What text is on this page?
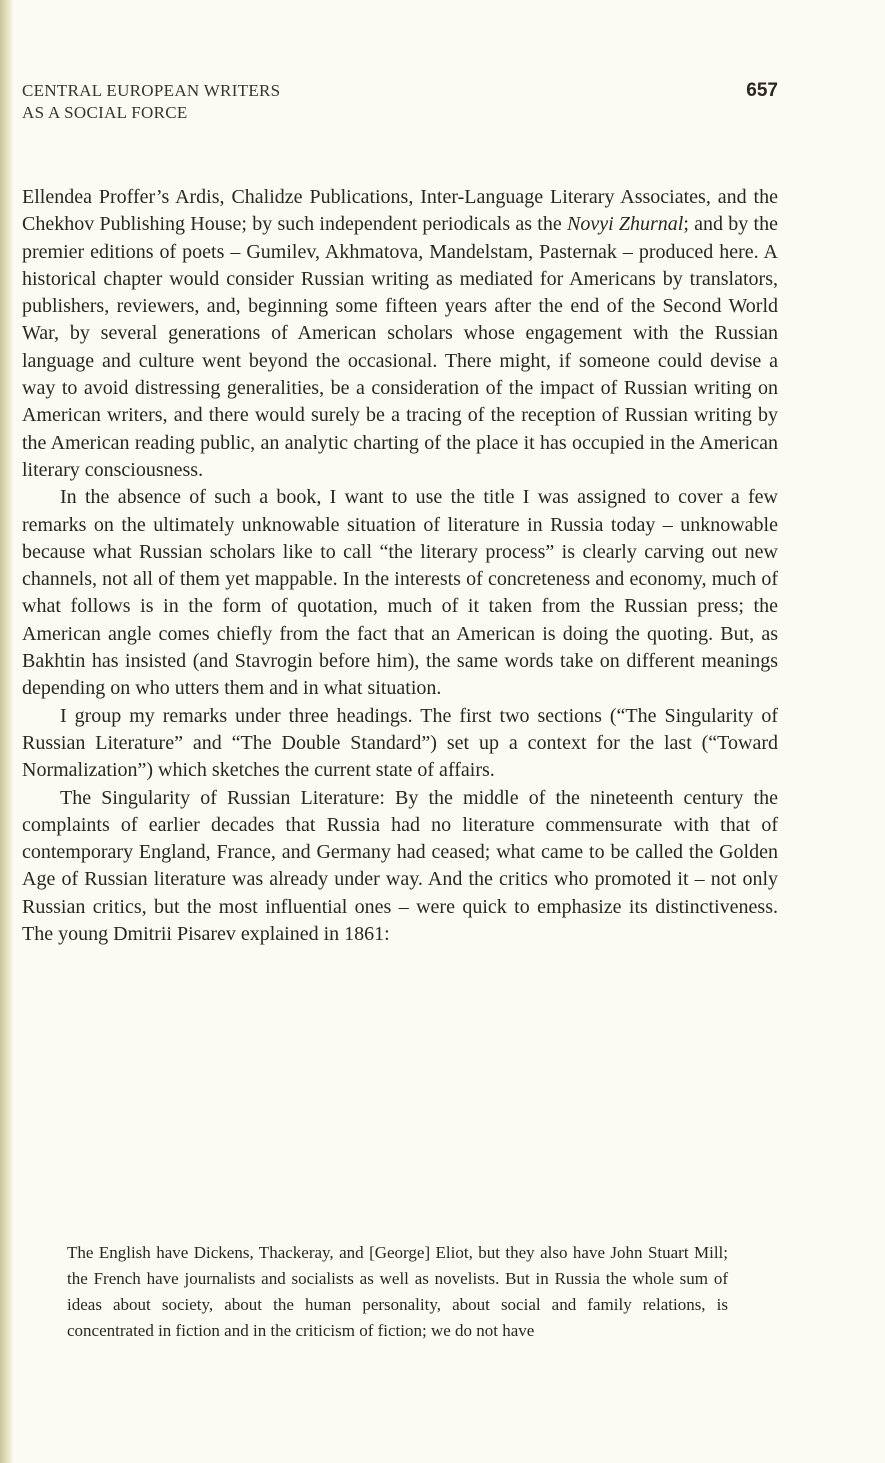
CENTRAL EUROPEAN WRITERS
AS A SOCIAL FORCE
657

Ellendea Proffer’s Ardis, Chalidze Publications, Inter-Language Literary Associates, and the Chekhov Publishing House; by such independent periodicals as the Novyi Zhurnal; and by the premier editions of poets – Gumilev, Akhmatova, Mandelstam, Pasternak – produced here. A historical chapter would consider Russian writing as mediated for Americans by translators, publishers, reviewers, and, beginning some fifteen years after the end of the Second World War, by several generations of American scholars whose engagement with the Russian language and culture went beyond the occasional. There might, if someone could devise a way to avoid distressing generalities, be a consideration of the impact of Russian writing on American writers, and there would surely be a tracing of the reception of Russian writing by the American reading public, an analytic charting of the place it has occupied in the American literary consciousness.

In the absence of such a book, I want to use the title I was assigned to cover a few remarks on the ultimately unknowable situation of literature in Russia today – unknowable because what Russian scholars like to call “the literary process” is clearly carving out new channels, not all of them yet mappable. In the interests of concreteness and economy, much of what follows is in the form of quotation, much of it taken from the Russian press; the American angle comes chiefly from the fact that an American is doing the quoting. But, as Bakhtin has insisted (and Stavrogin before him), the same words take on different meanings depending on who utters them and in what situation.

I group my remarks under three headings. The first two sections (“The Singularity of Russian Literature” and “The Double Standard”) set up a context for the last (“Toward Normalization”) which sketches the current state of affairs.

The Singularity of Russian Literature: By the middle of the nineteenth century the complaints of earlier decades that Russia had no literature commensurate with that of contemporary England, France, and Germany had ceased; what came to be called the Golden Age of Russian literature was already under way. And the critics who promoted it – not only Russian critics, but the most influential ones – were quick to emphasize its distinctiveness. The young Dmitrii Pisarev explained in 1861:

The English have Dickens, Thackeray, and [George] Eliot, but they also have John Stuart Mill; the French have journalists and socialists as well as novelists. But in Russia the whole sum of ideas about society, about the human personality, about social and family relations, is concentrated in fiction and in the criticism of fiction; we do not have
